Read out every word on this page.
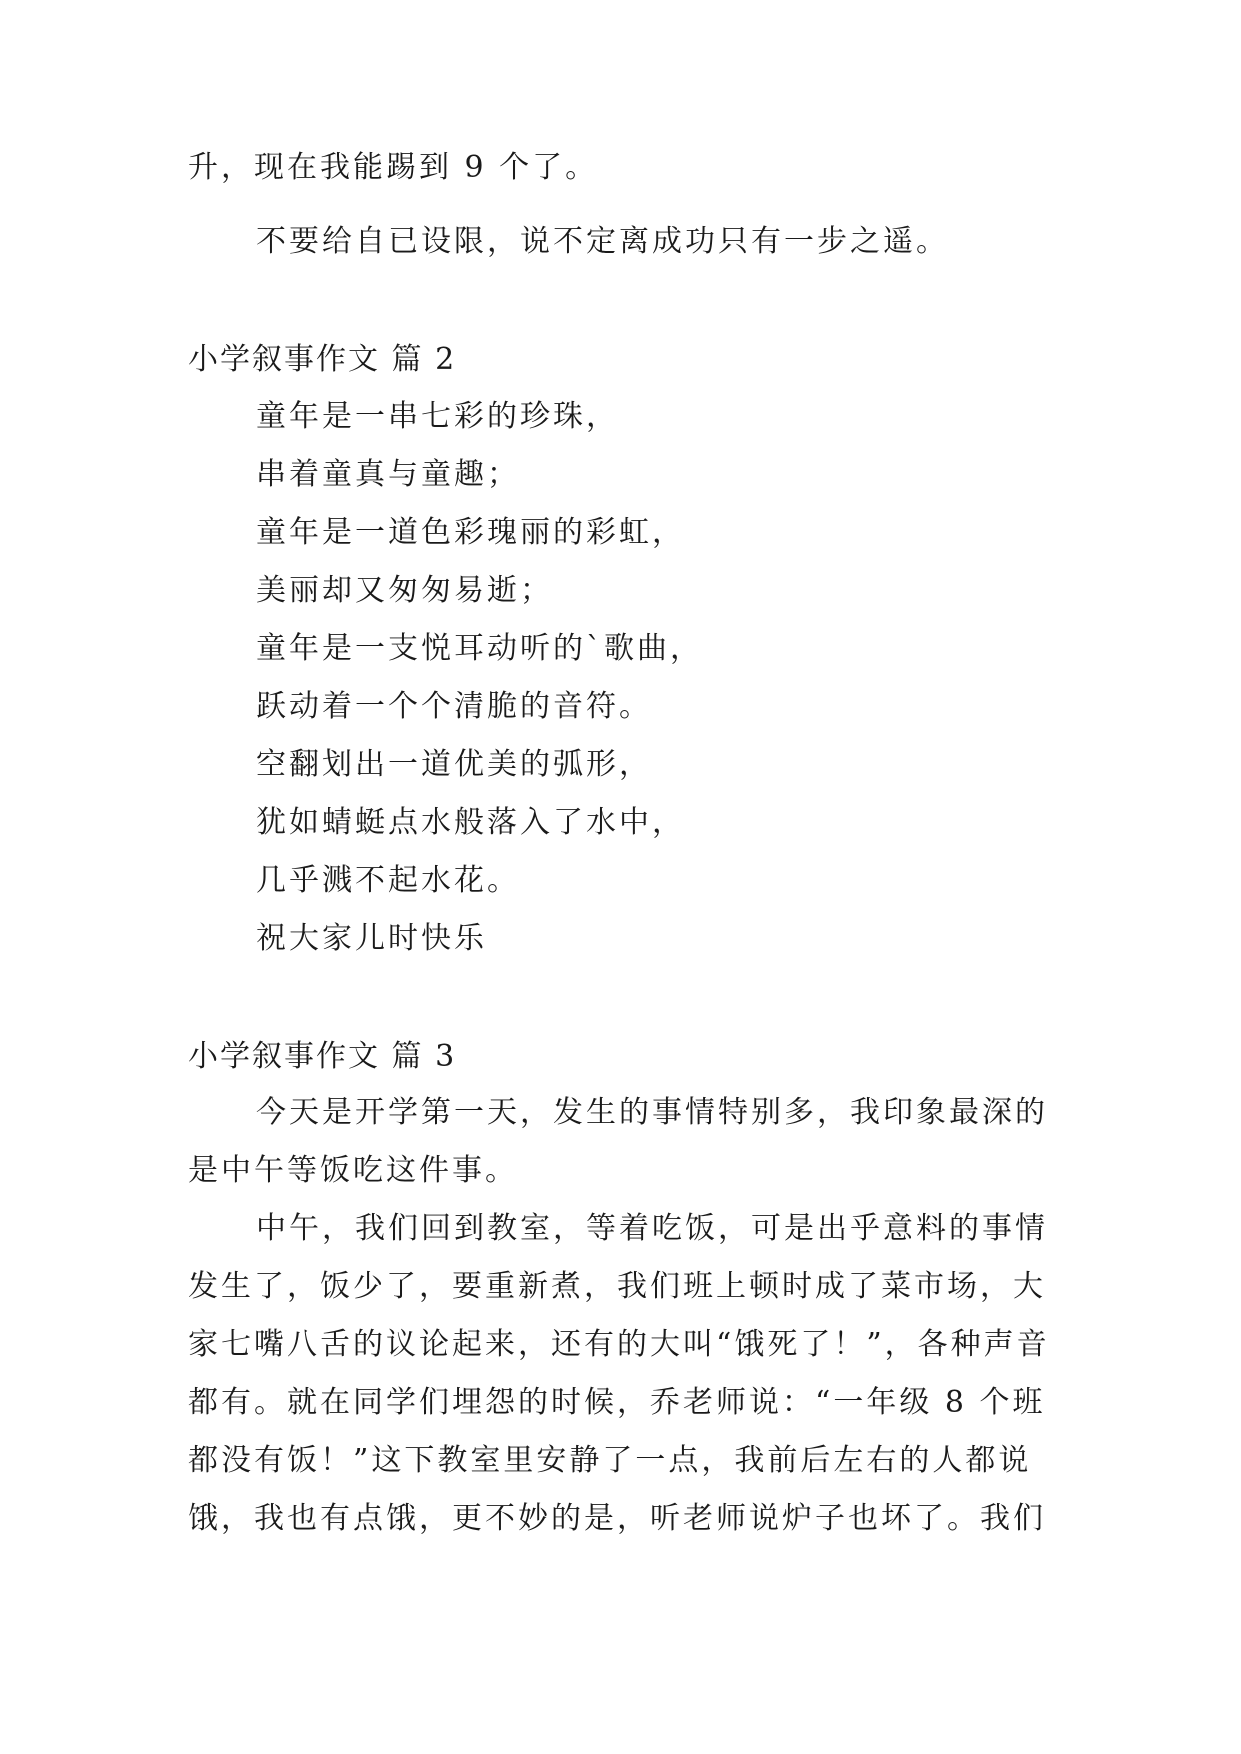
升，现在我能踢到 9 个了。
不要给自已设限，说不定离成功只有一步之遥。
小学叙事作文 篇 2
童年是一串七彩的珍珠，
串着童真与童趣；
童年是一道色彩瑰丽的彩虹，
美丽却又匆匆易逝；
童年是一支悦耳动听的`歌曲，
跃动着一个个清脆的音符。
空翻划出一道优美的弧形，
犹如蜻蜓点水般落入了水中，
几乎溅不起水花。
祝大家儿时快乐
小学叙事作文 篇 3
今天是开学第一天，发生的事情特别多，我印象最深的
是中午等饭吃这件事。
中午，我们回到教室，等着吃饭，可是出乎意料的事情
发生了，饭少了，要重新煮，我们班上顿时成了菜市场，大
家七嘴八舌的议论起来，还有的大叫“饿死了！”，各种声音
都有。就在同学们埋怨的时候，乔老师说：“一年级 8 个班
都没有饭！”这下教室里安静了一点，我前后左右的人都说
饿，我也有点饿，更不妙的是，听老师说炉子也坏了。我们
